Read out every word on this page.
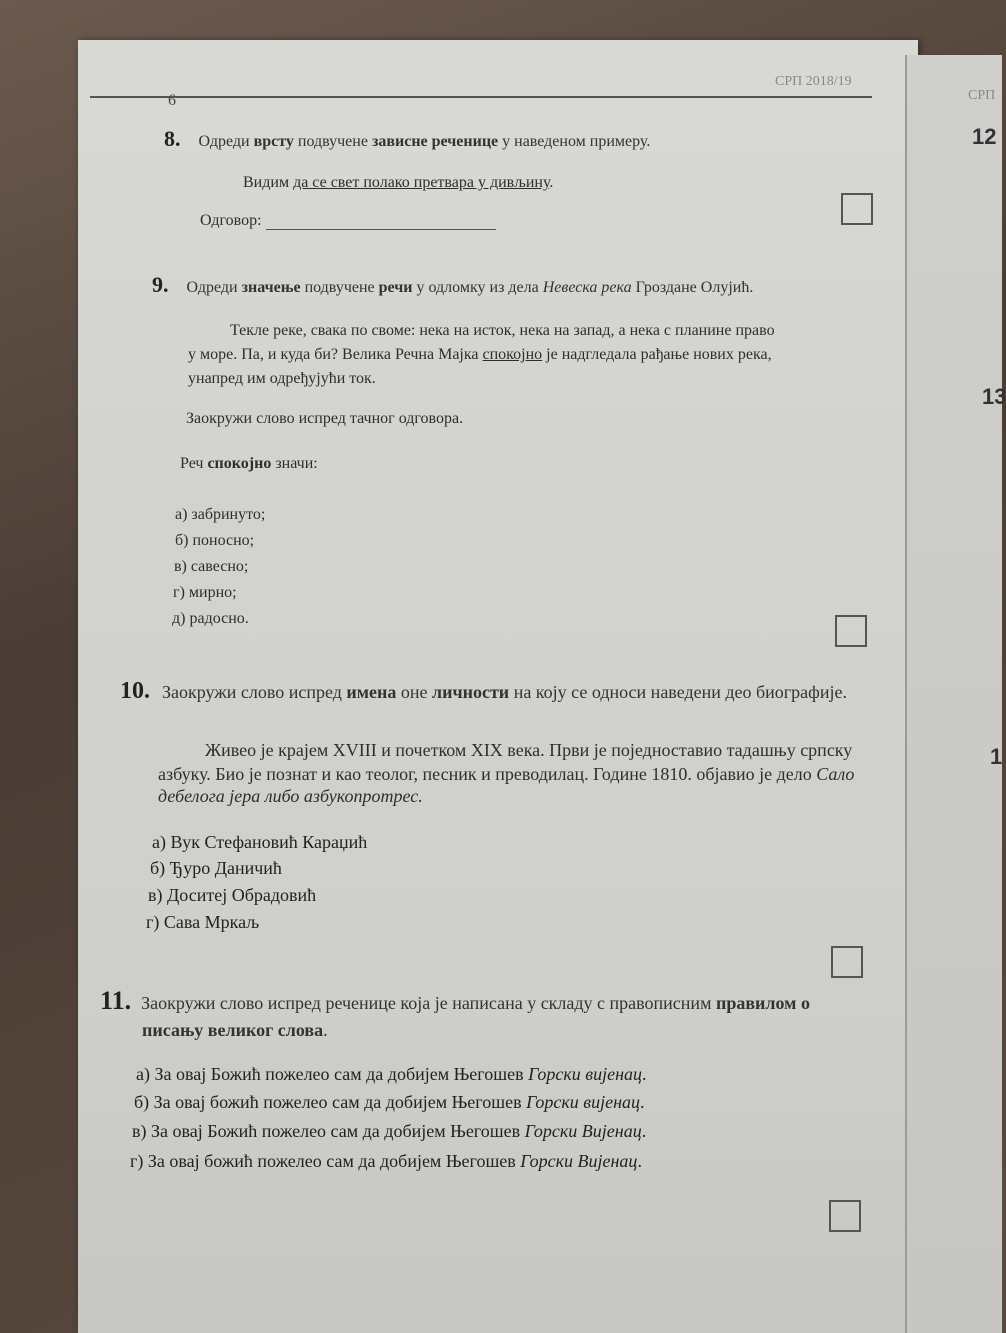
СРП 2018/19
6	СРП
12
13
1
8. Одреди врсту подвучене зависне реченице у наведеном примеру.
Видим да се свет полако претвара у дивљину.
Одговор:
9. Одреди значење подвучене речи у одломку из дела Невеска река Гроздане Олујић.
Текле реке, свака по своме: нека на исток, нека на запад, а нека с планине право
у море. Па, и куда би? Велика Речна Мајка спокојно је надгледала рађање нових река,
унапред им одређујући ток.
Заокружи слово испред тачног одговора.
Реч спокојно значи:
а) забринуто;
б) поносно;
в) савесно;
г) мирно;
д) радосно.
10. Заокружи слово испред имена оне личности на коју се односи наведени део биографије.
Живео је крајем XVIII и почетком XIX века. Први је поједноставио тадашњу српску
азбуку. Био је познат и као теолог, песник и преводилац. Године 1810. објавио је дело Сало
дебелога јера либо азбукопротрес.
а) Вук Стефановић Караџић
б) Ђуро Даничић
в) Доситеј Обрадовић
г) Сава Мркаљ
11. Заокружи слово испред реченице која је написана у складу с правописним правилом о
писању великог слова.
а) За овај Божић пожелео сам да добијем Његошев Горски вијенац.
б) За овај божић пожелео сам да добијем Његошев Горски вијенац.
в) За овај Божић пожелео сам да добијем Његошев Горски Вијенац.
г) За овај божић пожелео сам да добијем Његошев Горски Вијенац.
